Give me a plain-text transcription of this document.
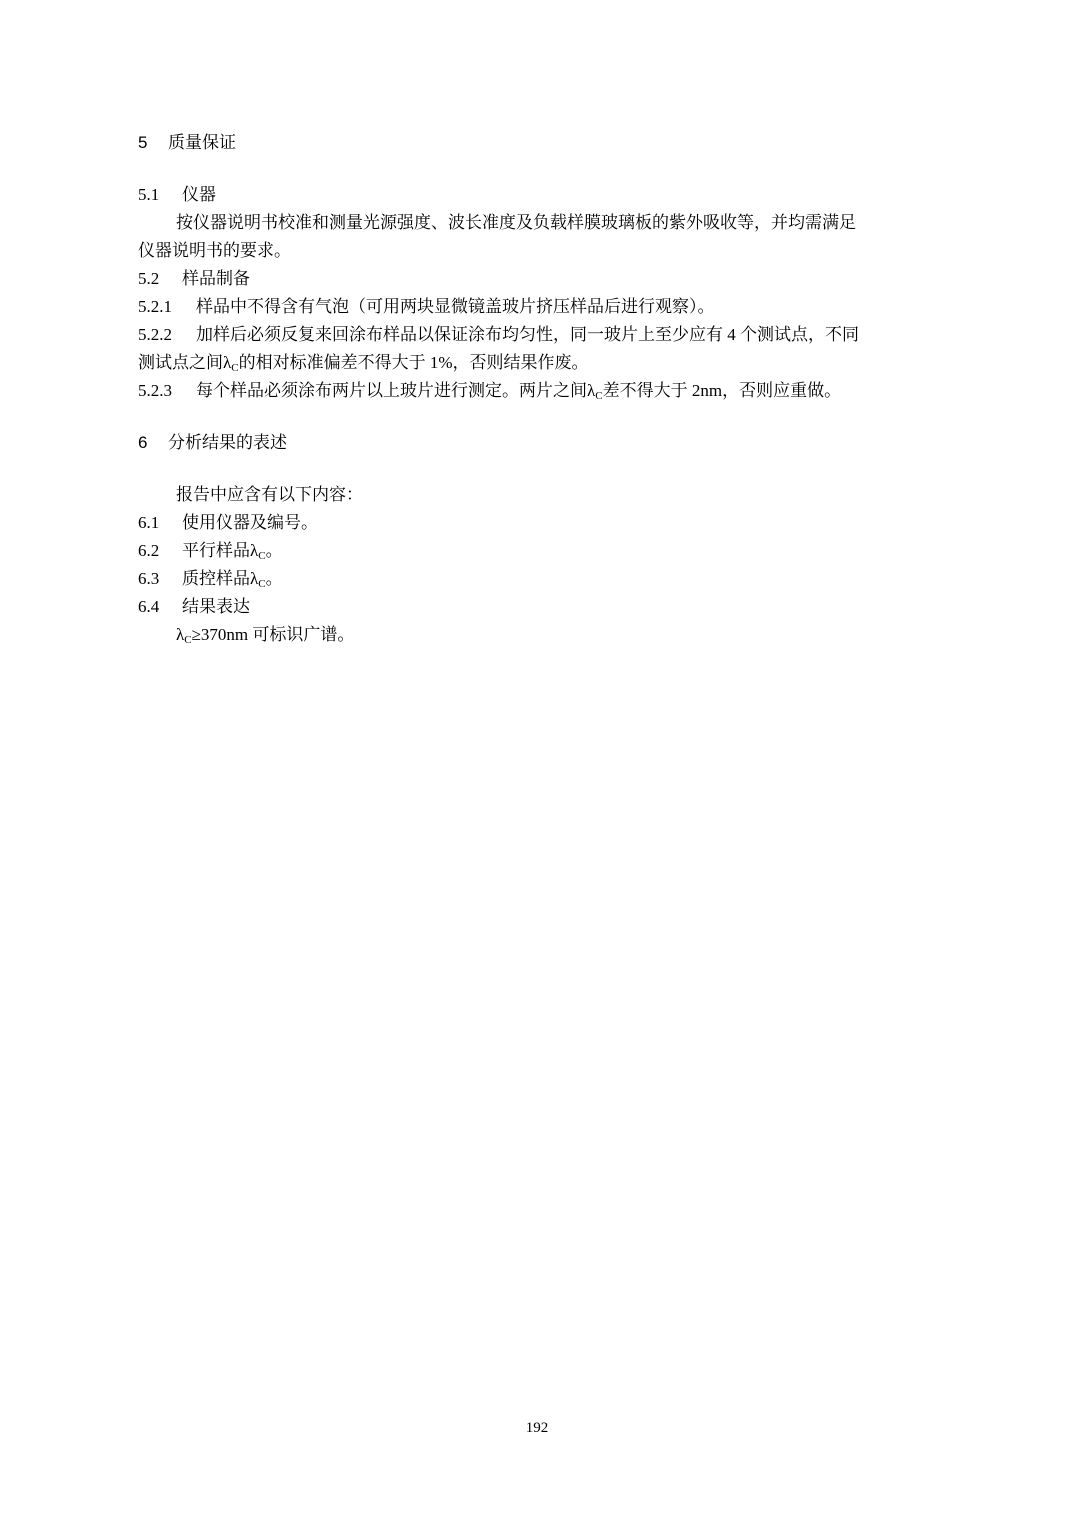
5 质量保证
5.1 仪器
按仪器说明书校准和测量光源强度、波长准度及负载样膜玻璃板的紫外吸收等，并均需满足
仪器说明书的要求。
5.2 样品制备
5.2.1 样品中不得含有气泡（可用两块显微镜盖玻片挤压样品后进行观察）。
5.2.2 加样后必须反复来回涂布样品以保证涂布均匀性，同一玻片上至少应有 4 个测试点，不同
测试点之间$\lambda_C$的相对标准偏差不得大于 1%，否则结果作废。
5.2.3 每个样品必须涂布两片以上玻片进行测定。两片之间$\lambda_C$差不得大于 2nm，否则应重做。
6 分析结果的表述
报告中应含有以下内容：
6.1 使用仪器及编号。
6.2 平行样品$\lambda_C$。
6.3 质控样品$\lambda_C$。
6.4 结果表达
$\lambda_C\ge 370nm$ 可标识广谱。
192
